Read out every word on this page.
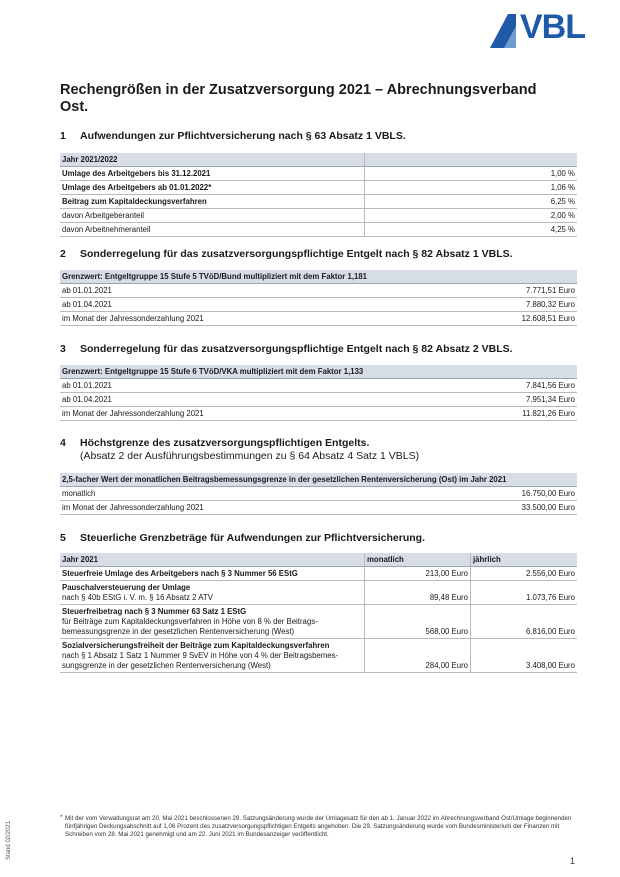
VBL
Rechengrößen in der Zusatzversorgung 2021 – Abrechnungsverband Ost.
1 Aufwendungen zur Pflichtversicherung nach § 63 Absatz 1 VBLS.
Jahr 2021/2022	
Umlage des Arbeitgebers bis 31.12.2021	1,00 %
Umlage des Arbeitgebers ab 01.01.2022*	1,06 %
Beitrag zum Kapitaldeckungsverfahren	6,25 %
davon Arbeitgeberanteil	2,00 %
davon Arbeitnehmeranteil	4,25 %
2 Sonderregelung für das zusatzversorgungspflichtige Entgelt nach § 82 Absatz 1 VBLS.
Grenzwert: Entgeltgruppe 15 Stufe 5 TVöD/Bund multipliziert mit dem Faktor 1,181	
ab 01.01.2021	7.771,51 Euro
ab 01.04.2021	7.880,32 Euro
im Monat der Jahressonderzahlung 2021	12.608,51 Euro
3 Sonderregelung für das zusatzversorgungspflichtige Entgelt nach § 82 Absatz 2 VBLS.
Grenzwert: Entgeltgruppe 15 Stufe 6 TVöD/VKA multipliziert mit dem Faktor 1,133	
ab 01.01.2021	7.841,56 Euro
ab 01.04.2021	7.951,34 Euro
im Monat der Jahressonderzahlung 2021	11.821,26 Euro
4 Höchstgrenze des zusatzversorgungspflichtigen Entgelts.
(Absatz 2 der Ausführungsbestimmungen zu § 64 Absatz 4 Satz 1 VBLS)
2,5-facher Wert der monatlichen Beitragsbemessungsgrenze in der gesetzlichen Rentenversicherung (Ost) im Jahr 2021	
monatlich	16.750,00 Euro
im Monat der Jahressonderzahlung 2021	33.500,00 Euro
5 Steuerliche Grenzbeträge für Aufwendungen zur Pflichtversicherung.
Jahr 2021	monatlich	jährlich

Steuerfreie Umlage des Arbeitgebers nach § 3 Nummer 56 EStG	213,00 Euro	2.556,00 Euro

Pauschalversteuerung der Umlage
nach § 40b EStG i. V. m. § 16 Absatz 2 ATV	89,48 Euro	1.073,76 Euro

Steuerfreibetrag nach § 3 Nummer 63 Satz 1 EStG
für Beiträge zum Kapitaldeckungsverfahren in Höhe von 8 % der Beitrags-bemessungsgrenze in der gesetzlichen Rentenversicherung (West)	568,00 Euro	6.816,00 Euro

Sozialversicherungsfreiheit der Beiträge zum Kapitaldeckungsverfahren
nach § 1 Absatz 1 Satz 1 Nummer 9 SvEV in Höhe von 4 % der Beitragsbemes-sungsgrenze in der gesetzlichen Rentenversicherung (West)	284,00 Euro	3.408,00 Euro
* Mit der vom Verwaltungsrat am 20. Mai 2021 beschlossenen 29. Satzungsänderung wurde der Umlagesatz für den ab 1. Januar 2022 im Abrechnungsverband Ost/Umlage beginnenden fünfjährigen Deckungsabschnitt auf 1,06 Prozent des zusatzversorgungspflichtigen Entgelts angehoben. Die 29. Satzungsänderung wurde vom Bundesministerium der Finanzen mit Schreiben vom 28. Mai 2021 genehmigt und am 22. Juni 2021 im Bundesanzeiger veröffentlicht.
Stand 02/2021
1
